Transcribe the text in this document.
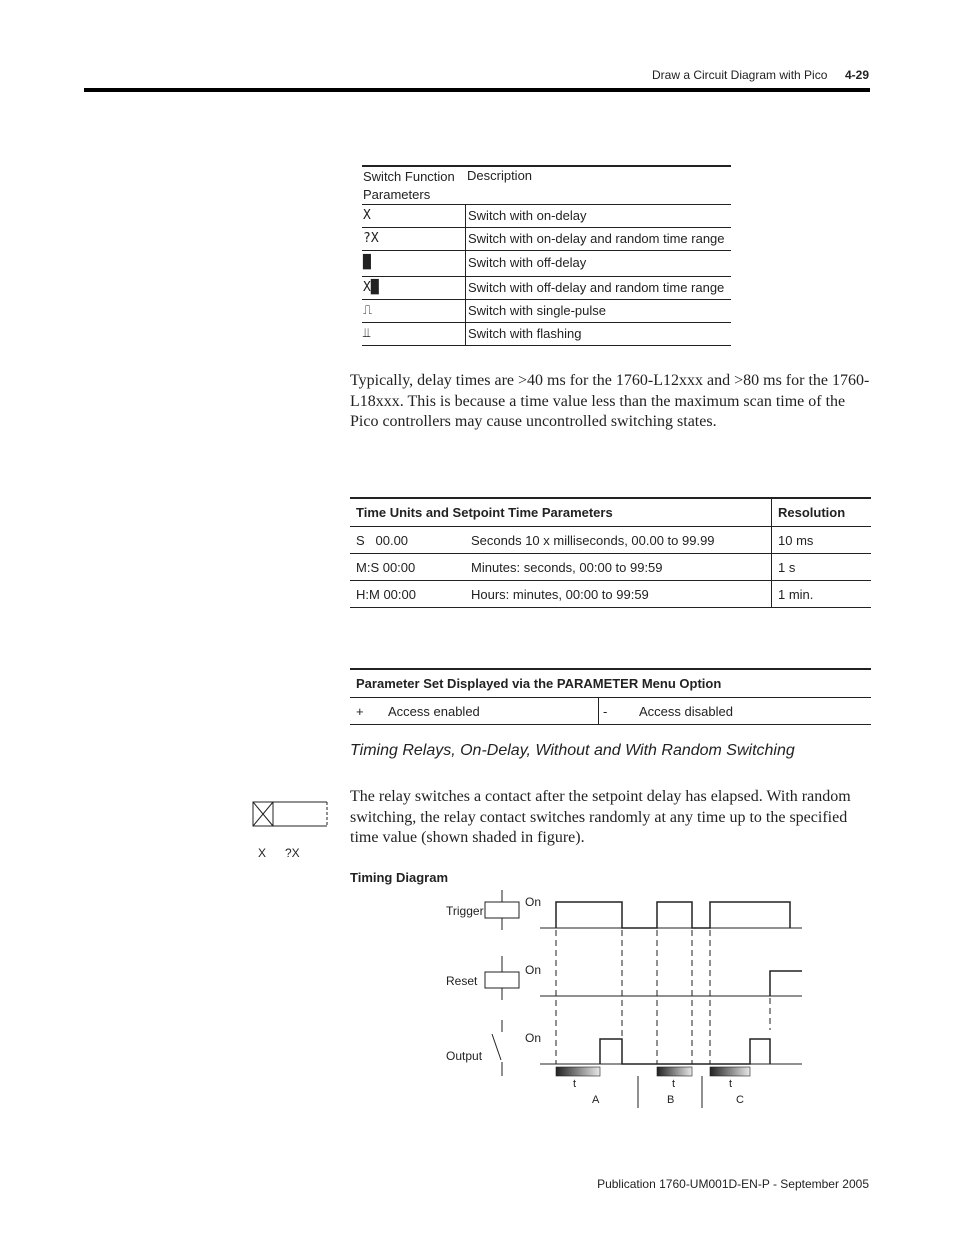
Draw a Circuit Diagram with Pico 4-29
Switch Function Parameters
Description
X	Switch with on-delay
?X	Switch with on-delay and random time range
█	Switch with off-delay
X█	Switch with off-delay and random time range
⎍	Switch with single-pulse
⫫	Switch with flashing
Typically, delay times are >40 ms for the 1760-L12xxx and >80 ms for the 1760-L18xxx. This is because a time value less than the maximum scan time of the Pico controllers may cause uncontrolled switching states.
Time Units and Setpoint Time Parameters	Resolution
S   00.00	Seconds 10 x milliseconds, 00.00 to 99.99	10 ms
M:S 00:00	Minutes: seconds, 00:00 to 99:59	1 s
H:M 00:00	Hours: minutes, 00:00 to 99:59	1 min.
Parameter Set Displayed via the PARAMETER Menu Option
+	Access enabled	-	Access disabled
Timing Relays, On-Delay, Without and With Random Switching
X ?X
The relay switches a contact after the setpoint delay has elapsed. With random switching, the relay contact switches randomly at any time up to the specified time value (shown shaded in figure).
Timing Diagram
Trigger
Reset
Output
On
On
On
t	t	t
A	B	C
Publication 1760-UM001D-EN-P - September 2005
